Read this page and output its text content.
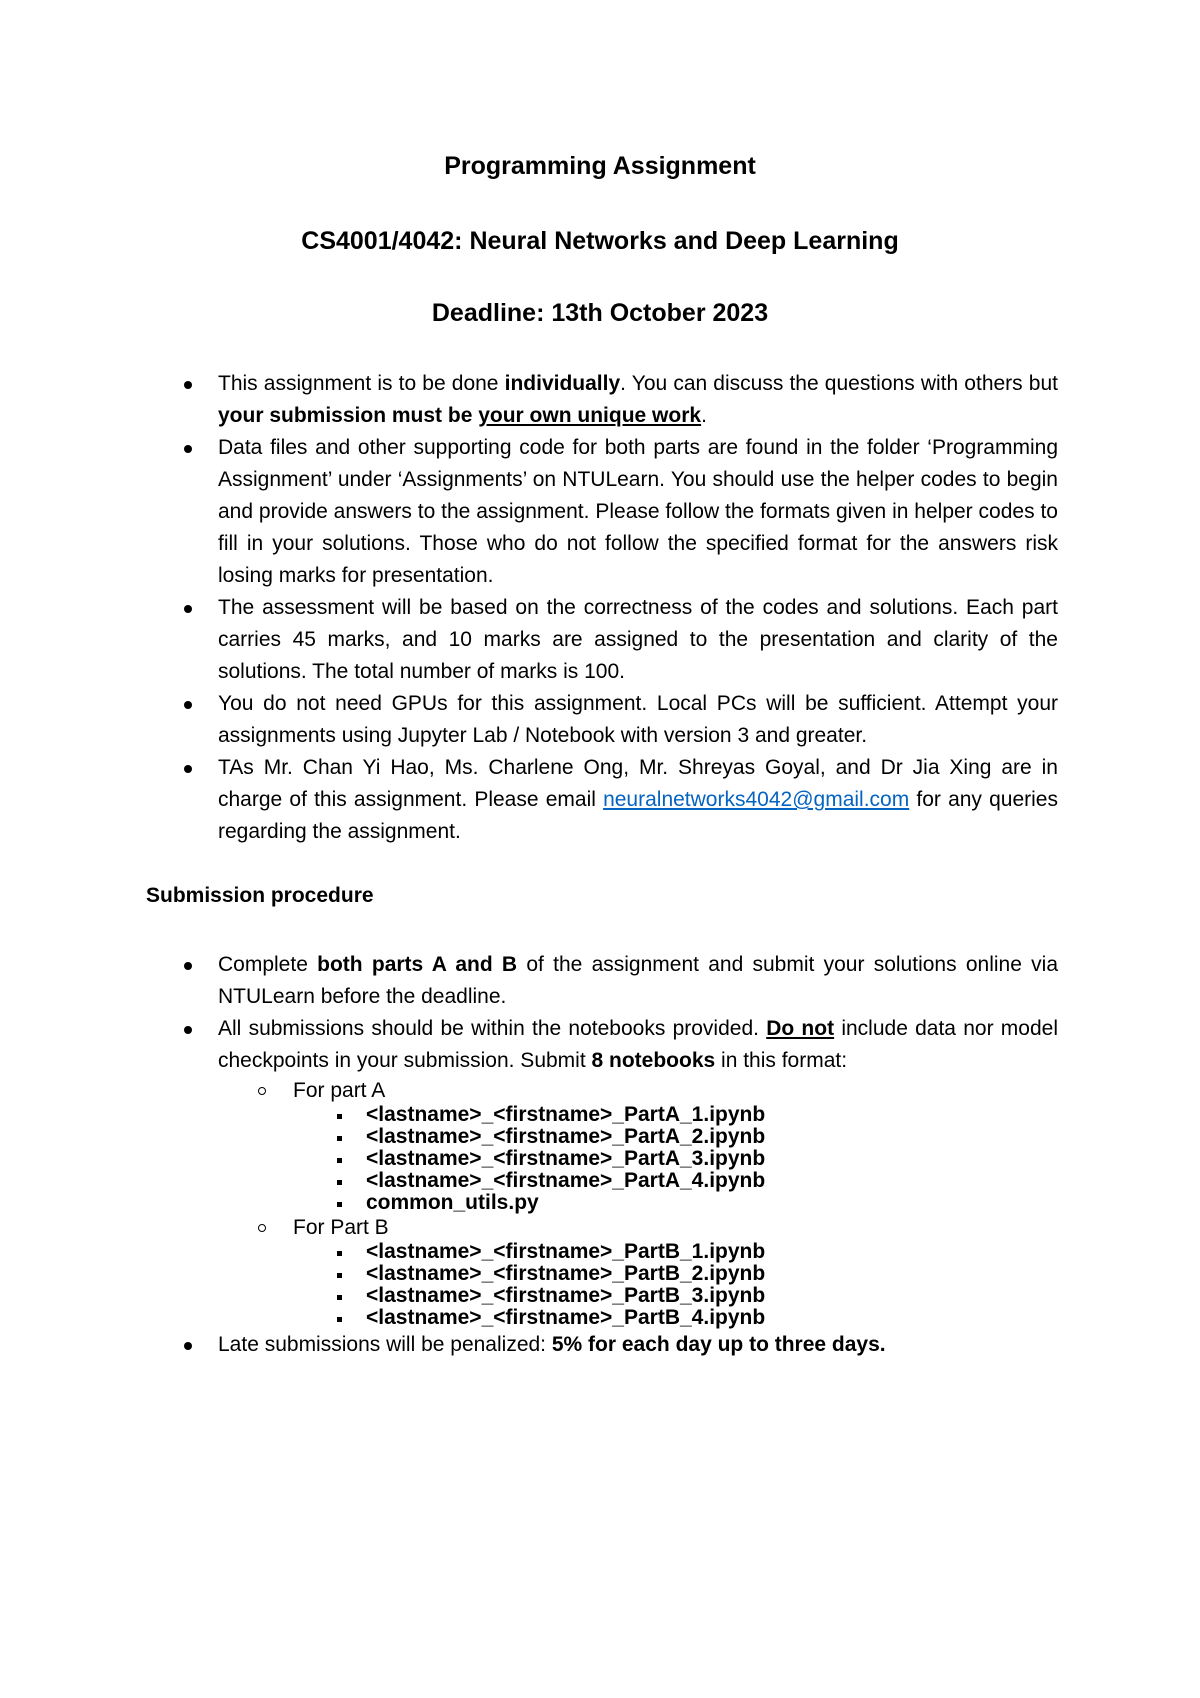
Programming Assignment
CS4001/4042: Neural Networks and Deep Learning
Deadline: 13th October 2023
This assignment is to be done individually. You can discuss the questions with others but your submission must be your own unique work.
Data files and other supporting code for both parts are found in the folder ‘Programming Assignment’ under ‘Assignments’ on NTULearn. You should use the helper codes to begin and provide answers to the assignment. Please follow the formats given in helper codes to fill in your solutions. Those who do not follow the specified format for the answers risk losing marks for presentation.
The assessment will be based on the correctness of the codes and solutions. Each part carries 45 marks, and 10 marks are assigned to the presentation and clarity of the solutions. The total number of marks is 100.
You do not need GPUs for this assignment. Local PCs will be sufficient. Attempt your assignments using Jupyter Lab / Notebook with version 3 and greater.
TAs Mr. Chan Yi Hao, Ms. Charlene Ong, Mr. Shreyas Goyal, and Dr Jia Xing are in charge of this assignment. Please email neuralnetworks4042@gmail.com for any queries regarding the assignment.
Submission procedure
Complete both parts A and B of the assignment and submit your solutions online via NTULearn before the deadline.
All submissions should be within the notebooks provided. Do not include data nor model checkpoints in your submission. Submit 8 notebooks in this format:
For part A
<lastname>_<firstname>_PartA_1.ipynb
<lastname>_<firstname>_PartA_2.ipynb
<lastname>_<firstname>_PartA_3.ipynb
<lastname>_<firstname>_PartA_4.ipynb
common_utils.py
For Part B
<lastname>_<firstname>_PartB_1.ipynb
<lastname>_<firstname>_PartB_2.ipynb
<lastname>_<firstname>_PartB_3.ipynb
<lastname>_<firstname>_PartB_4.ipynb
Late submissions will be penalized: 5% for each day up to three days.
